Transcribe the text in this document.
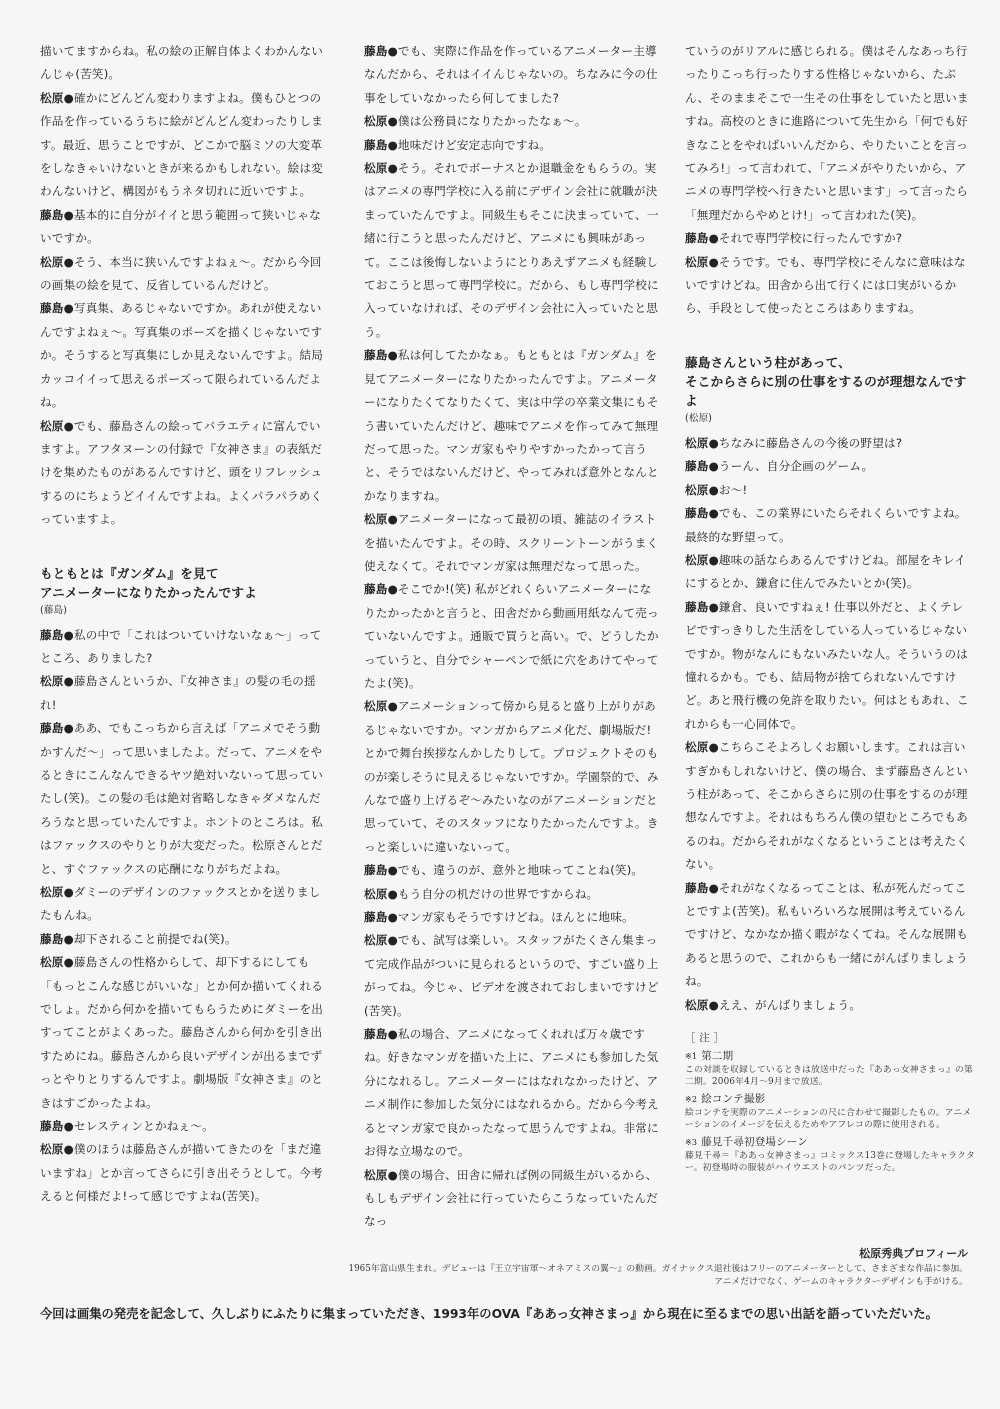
描いてますからね。私の絵の正解自体よくわかんないんじゃ(苦笑)。

松原●確かにどんどん変わりますよね。僕もひとつの作品を作っているうちに絵がどんどん変わったりします。最近、思うことですが、どこかで脳ミソの大変革をしなきゃいけないときが来るかもしれない。絵は変わんないけど、構図がもうネタ切れに近いですよ。

藤島●基本的に自分がイイと思う範囲って狭いじゃないですか。

松原●そう、本当に狭いんですよねぇ～。だから今回の画集の絵を見て、反省しているんだけど。

藤島●写真集、あるじゃないですか。あれが使えないんですよねぇ～。写真集のポーズを描くじゃないですか。そうすると写真集にしか見えないんですよ。結局カッコイイって思えるポーズって限られているんだよね。

松原●でも、藤島さんの絵ってバラエティに富んでいますよ。アフタヌーンの付録で『女神さま』の表紙だけを集めたものがあるんですけど、頭をリフレッシュするのにちょうどイイんですよね。よくパラパラめくっていますよ。

もともとは『ガンダム』を見て
アニメーターになりたかったんですよ
(藤島)

藤島●私の中で「これはついていけないなぁ～」ってところ、ありました?

松原●藤島さんというか、『女神さま』の髪の毛の揺れ!

藤島●ああ、でもこっちから言えば「アニメでそう動かすんだ～」って思いましたよ。だって、アニメをやるときにこんなんできるヤツ絶対いないって思っていたし(笑)。この髪の毛は絶対省略しなきゃダメなんだろうなと思っていたんですよ。ホントのところは。私はファックスのやりとりが大変だった。松原さんとだと、すぐファックスの応酬になりがちだよね。

松原●ダミーのデザインのファックスとかを送りましたもんね。

藤島●却下されること前提でね(笑)。

松原●藤島さんの性格からして、却下するにしても「もっとこんな感じがいいな」とか何か描いてくれるでしょ。だから何かを描いてもらうためにダミーを出すってことがよくあった。藤島さんから何かを引き出すためにね。藤島さんから良いデザインが出るまでずっとやりとりするんですよ。劇場版『女神さま』のときはすごかったよね。

藤島●セレスティンとかねぇ～。

松原●僕のほうは藤島さんが描いてきたのを「まだ違いますね」とか言ってさらに引き出そうとして。今考えると何様だよ!って感じですよね(苦笑)。

藤島●でも、実際に作品を作っているアニメーター主導なんだから、それはイイんじゃないの。ちなみに今の仕事をしていなかったら何してました?

松原●僕は公務員になりたかったなぁ～。

藤島●地味だけど安定志向ですね。

松原●そう。それでボーナスとか退職金をもらうの。実はアニメの専門学校に入る前にデザイン会社に就職が決まっていたんですよ。同級生もそこに決まっていて、一緒に行こうと思ったんだけど、アニメにも興味があって。ここは後悔しないようにとりあえずアニメも経験しておこうと思って専門学校に。だから、もし専門学校に入っていなければ、そのデザイン会社に入っていたと思う。

藤島●私は何してたかなぁ。もともとは『ガンダム』を見てアニメーターになりたかったんですよ。アニメーターになりたくてなりたくて、実は中学の卒業文集にもそう書いていたんだけど、趣味でアニメを作ってみて無理だって思った。マンガ家もやりやすかったかって言うと、そうではないんだけど、やってみれば意外となんとかなりますね。

松原●アニメーターになって最初の頃、雑誌のイラストを描いたんですよ。その時、スクリーントーンがうまく使えなくて。それでマンガ家は無理だなって思った。

藤島●そこでか!(笑) 私がどれくらいアニメーターになりたかったかと言うと、田舎だから動画用紙なんて売っていないんですよ。通販で買うと高い。で、どうしたかっていうと、自分でシャーペンで紙に穴をあけてやってたよ(笑)。

松原●アニメーションって傍から見ると盛り上がりがあるじゃないですか。マンガからアニメ化だ、劇場版だ!とかで舞台挨拶なんかしたりして。プロジェクトそのものが楽しそうに見えるじゃないですか。学園祭的で、みんなで盛り上げるぞ～みたいなのがアニメーションだと思っていて、そのスタッフになりたかったんですよ。きっと楽しいに違いないって。

藤島●でも、違うのが、意外と地味ってことね(笑)。

松原●もう自分の机だけの世界ですからね。

藤島●マンガ家もそうですけどね。ほんとに地味。

松原●でも、試写は楽しい。スタッフがたくさん集まって完成作品がついに見られるというので、すごい盛り上がってね。今じゃ、ビデオを渡されておしまいですけど(苦笑)。

藤島●私の場合、アニメになってくれれば万々歳ですね。好きなマンガを描いた上に、アニメにも参加した気分になれるし。アニメーターにはなれなかったけど、アニメ制作に参加した気分にはなれるから。だから今考えるとマンガ家で良かったなって思うんですよね。非常にお得な立場なので。

松原●僕の場合、田舎に帰れば例の同級生がいるから、もしもデザイン会社に行っていたらこうなっていたんだなっ

ていうのがリアルに感じられる。僕はそんなあっち行ったりこっち行ったりする性格じゃないから、たぶん、そのままそこで一生その仕事をしていたと思いますね。高校のときに進路について先生から「何でも好きなことをやればいいんだから、やりたいことを言ってみろ!」って言われて、「アニメがやりたいから、アニメの専門学校へ行きたいと思います」って言ったら「無理だからやめとけ!」って言われた(笑)。

藤島●それで専門学校に行ったんですか?

松原●そうです。でも、専門学校にそんなに意味はないですけどね。田舎から出て行くには口実がいるから、手段として使ったところはありますね。

藤島さんという柱があって、
そこからさらに別の仕事をするのが理想なんですよ
(松原)

松原●ちなみに藤島さんの今後の野望は?

藤島●うーん、自分企画のゲーム。

松原●お～!

藤島●でも、この業界にいたらそれくらいですよね。最終的な野望って。

松原●趣味の話ならあるんですけどね。部屋をキレイにするとか、鎌倉に住んでみたいとか(笑)。

藤島●鎌倉、良いですねぇ! 仕事以外だと、よくテレビですっきりした生活をしている人っているじゃないですか。物がなんにもないみたいな人。そういうのは憧れるかも。でも、結局物が捨てられないんですけど。あと飛行機の免許を取りたい。何はともあれ、これからも一心同体で。

松原●こちらこそよろしくお願いします。これは言いすぎかもしれないけど、僕の場合、まず藤島さんという柱があって、そこからさらに別の仕事をするのが理想なんですよ。それはもちろん僕の望むところでもあるのね。だからそれがなくなるということは考えたくない。

藤島●それがなくなるってことは、私が死んだってことですよ(苦笑)。私もいろいろな展開は考えているんですけど、なかなか描く暇がなくてね。そんな展開もあると思うので、これからも一緒にがんばりましょうね。

松原●ええ、がんばりましょう。

［ 注 ］
※1 第二期
この対談を収録しているときは放送中だった『ああっ女神さまっ』の第二期。2006年4月～9月まで放送。
※2 絵コンテ撮影
絵コンテを実際のアニメーションの尺に合わせて撮影したもの。アニメーションのイメージを伝えるためやアフレコの際に使用される。
※3 藤見千尋初登場シーン
藤見千尋＝『ああっ女神さまっ』コミックス13巻に登場したキャラクター。初登場時の服装がハイウエストのパンツだった。
松原秀典プロフィール
1965年富山県生まれ。デビューは『王立宇宙軍～オネアミスの翼～』の動画。ガイナックス退社後はフリーのアニメーターとして、さまざまな作品に参加。アニメだけでなく、ゲームのキャラクターデザインも手がける。
今回は画集の発売を記念して、久しぶりにふたりに集まっていただき、1993年のOVA『ああっ女神さまっ』から現在に至るまでの思い出話を語っていただいた。
